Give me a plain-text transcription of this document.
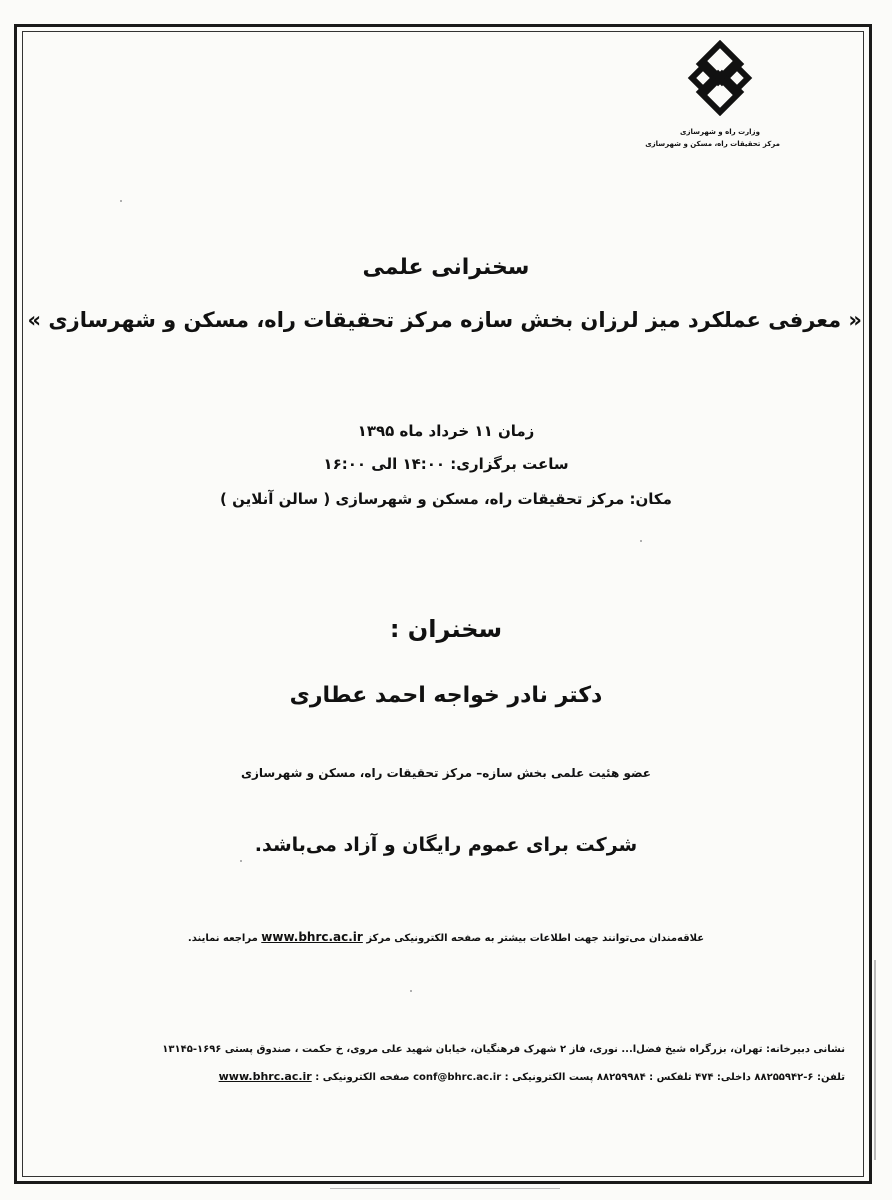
وزارت راه و شهرسازی
مرکز تحقیقات راه، مسکن و شهرسازی
سخنرانی علمی
« معرفی عملکرد میز لرزان بخش سازه مرکز تحقیقات راه، مسکن و شهرسازی »
زمان ۱۱ خرداد ماه ۱۳۹۵
ساعت برگزاری: ۱۴:۰۰ الی ۱۶:۰۰
مکان: مرکز تحقیقات راه، مسکن و شهرسازی ( سالن آنلاین )
سخنران :
دکتر نادر خواجه احمد عطاری
عضو هئیت علمی بخش سازه– مرکز تحقیقات راه، مسکن و شهرسازی
شرکت برای عموم رایگان و آزاد می‌باشد.
علاقه‌مندان می‌توانند جهت اطلاعات بیشتر به صفحه الکترونیکی مرکز www.bhrc.ac.ir مراجعه نمایند.
نشانی دبیرخانه: تهران، بزرگراه شیخ فضل‌ا... نوری، فاز ۲ شهرک فرهنگیان، خیابان شهید علی مروی، خ حکمت ، صندوق پستی ۱۶۹۶-۱۳۱۴۵
تلفن: ۶-۸۸۲۵۵۹۴۲ داخلی: ۴۷۴ تلفکس : ۸۸۲۵۹۹۸۴ پست الکترونیکی : conf@bhrc.ac.ir صفحه الکترونیکی : www.bhrc.ac.ir
